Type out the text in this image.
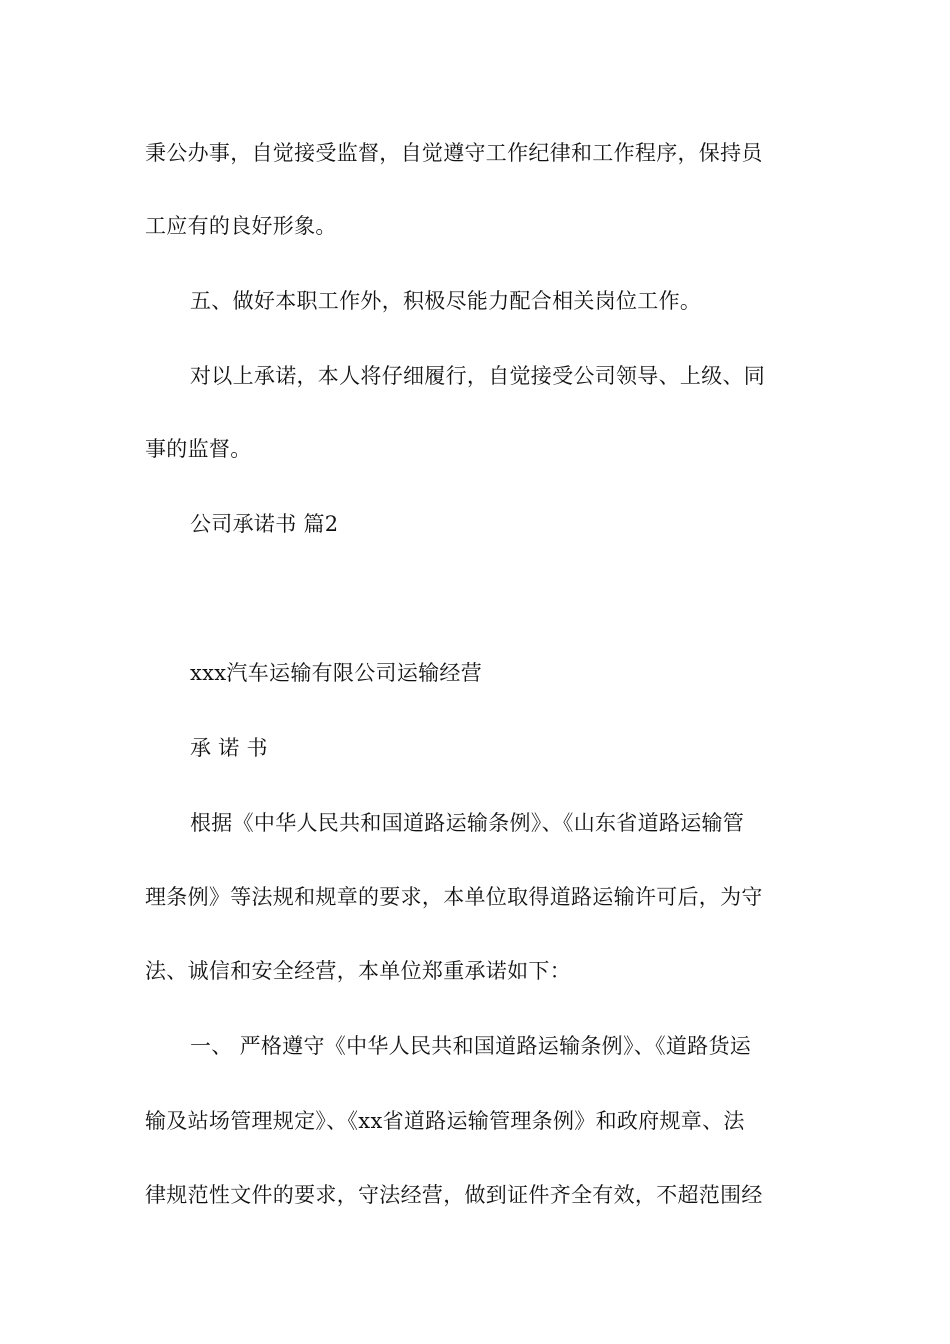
秉公办事，自觉接受监督，自觉遵守工作纪律和工作程序，保持员
工应有的良好形象。
五、做好本职工作外，积极尽能力配合相关岗位工作。
对以上承诺，本人将仔细履行，自觉接受公司领导、上级、同
事的监督。
公司承诺书 篇2
xxx汽车运输有限公司运输经营
承 诺 书
根据《中华人民共和国道路运输条例》、《山东省道路运输管
理条例》等法规和规章的要求，本单位取得道路运输许可后，为守
法、诚信和安全经营，本单位郑重承诺如下：
一、 严格遵守《中华人民共和国道路运输条例》、《道路货运
输及站场管理规定》、《xx省道路运输管理条例》和政府规章、法
律规范性文件的要求，守法经营，做到证件齐全有效，不超范围经
